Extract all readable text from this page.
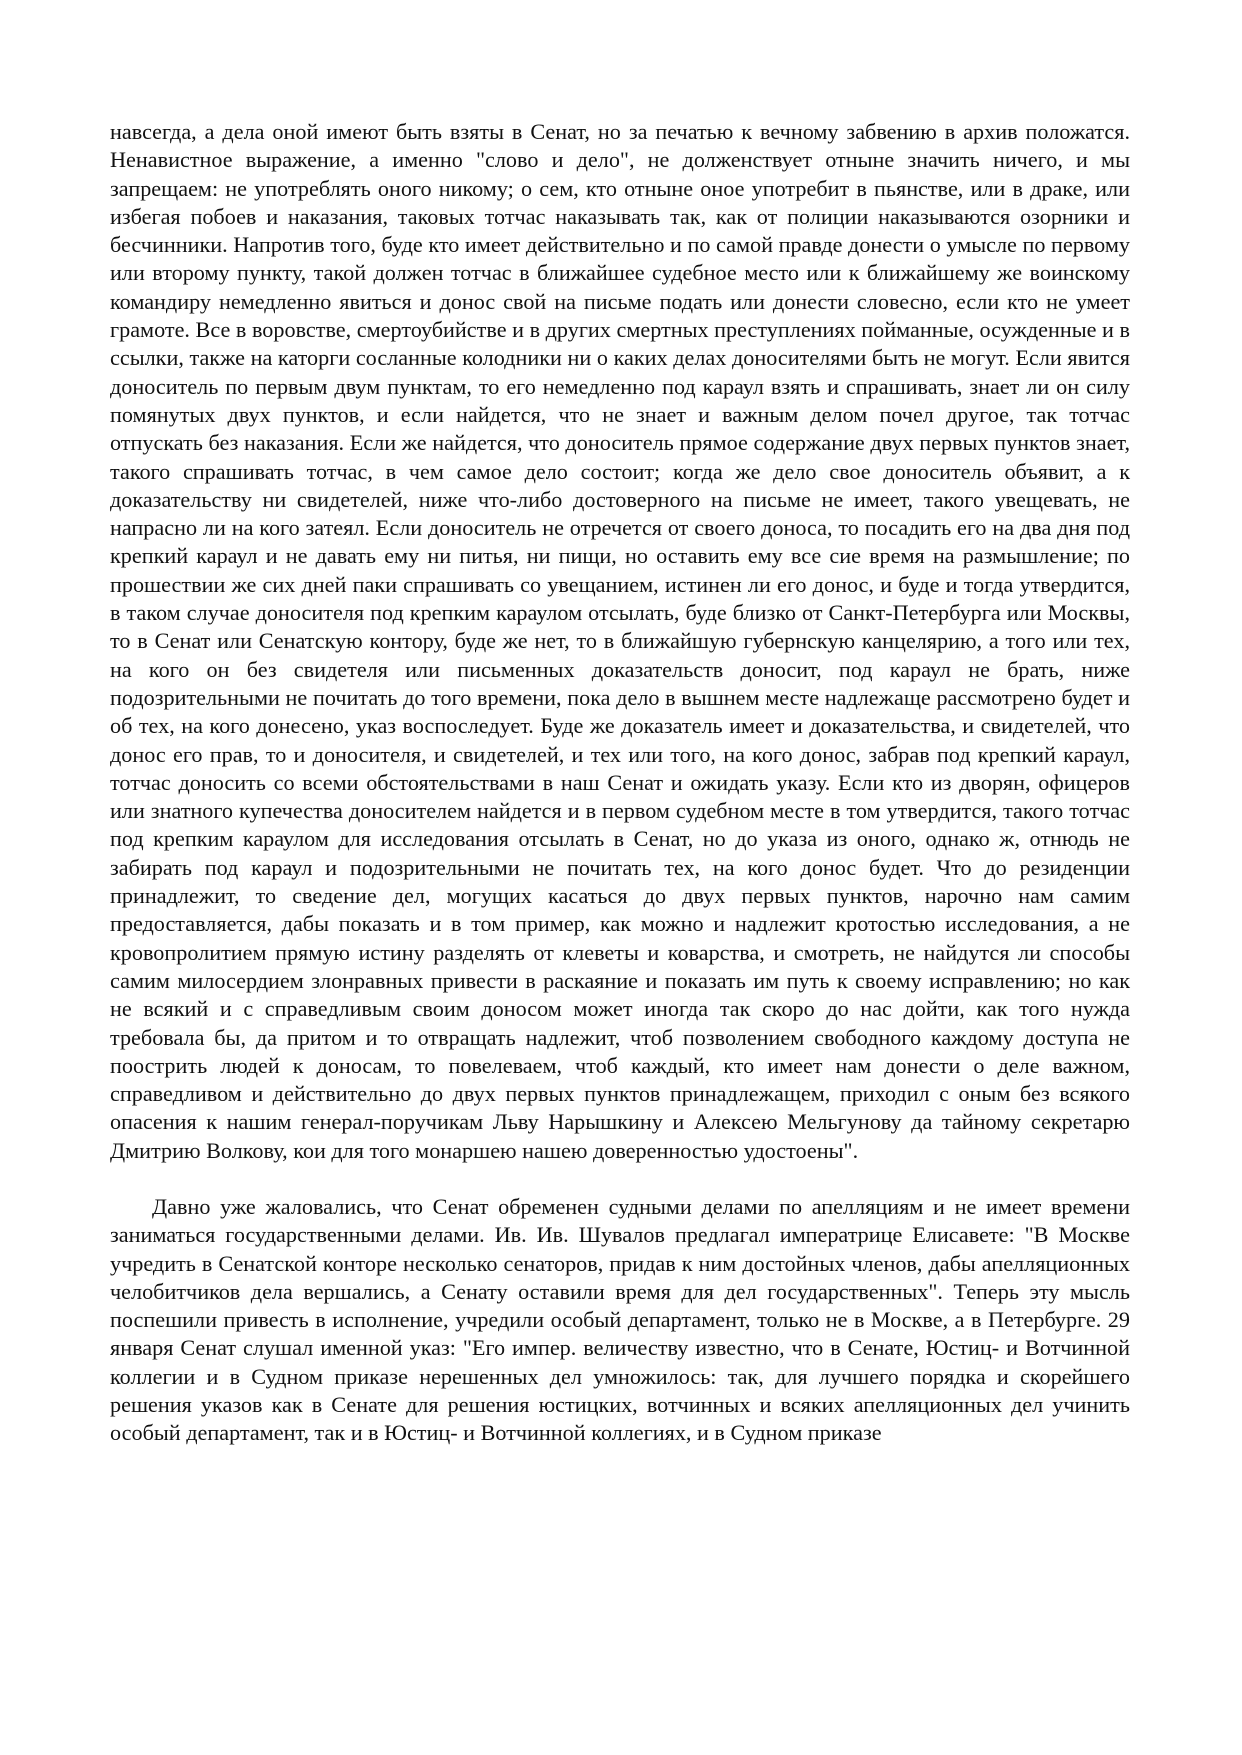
навсегда, а дела оной имеют быть взяты в Сенат, но за печатью к вечному забвению в архив положатся. Ненавистное выражение, а именно "слово и дело", не долженствует отныне значить ничего, и мы запрещаем: не употреблять оного никому; о сем, кто отныне оное употребит в пьянстве, или в драке, или избегая побоев и наказания, таковых тотчас наказывать так, как от полиции наказываются озорники и бесчинники. Напротив того, буде кто имеет действительно и по самой правде донести о умысле по первому или второму пункту, такой должен тотчас в ближайшее судебное место или к ближайшему же воинскому командиру немедленно явиться и донос свой на письме подать или донести словесно, если кто не умеет грамоте. Все в воровстве, смертоубийстве и в других смертных преступлениях пойманные, осужденные и в ссылки, также на каторги сосланные колодники ни о каких делах доносителями быть не могут. Если явится доноситель по первым двум пунктам, то его немедленно под караул взять и спрашивать, знает ли он силу помянутых двух пунктов, и если найдется, что не знает и важным делом почел другое, так тотчас отпускать без наказания. Если же найдется, что доноситель прямое содержание двух первых пунктов знает, такого спрашивать тотчас, в чем самое дело состоит; когда же дело свое доноситель объявит, а к доказательству ни свидетелей, ниже что-либо достоверного на письме не имеет, такого увещевать, не напрасно ли на кого затеял. Если доноситель не отречется от своего доноса, то посадить его на два дня под крепкий караул и не давать ему ни питья, ни пищи, но оставить ему все сие время на размышление; по прошествии же сих дней паки спрашивать со увещанием, истинен ли его донос, и буде и тогда утвердится, в таком случае доносителя под крепким караулом отсылать, буде близко от Санкт-Петербурга или Москвы, то в Сенат или Сенатскую контору, буде же нет, то в ближайшую губернскую канцелярию, а того или тех, на кого он без свидетеля или письменных доказательств доносит, под караул не брать, ниже подозрительными не почитать до того времени, пока дело в вышнем месте надлежаще рассмотрено будет и об тех, на кого донесено, указ воспоследует. Буде же доказатель имеет и доказательства, и свидетелей, что донос его прав, то и доносителя, и свидетелей, и тех или того, на кого донос, забрав под крепкий караул, тотчас доносить со всеми обстоятельствами в наш Сенат и ожидать указу. Если кто из дворян, офицеров или знатного купечества доносителем найдется и в первом судебном месте в том утвердится, такого тотчас под крепким караулом для исследования отсылать в Сенат, но до указа из оного, однако ж, отнюдь не забирать под караул и подозрительными не почитать тех, на кого донос будет. Что до резиденции принадлежит, то сведение дел, могущих касаться до двух первых пунктов, нарочно нам самим предоставляется, дабы показать и в том пример, как можно и надлежит кротостью исследования, а не кровопролитием прямую истину разделять от клеветы и коварства, и смотреть, не найдутся ли способы самим милосердием злонравных привести в раскаяние и показать им путь к своему исправлению; но как не всякий и с справедливым своим доносом может иногда так скоро до нас дойти, как того нужда требовала бы, да притом и то отвращать надлежит, чтоб позволением свободного каждому доступа не поострить людей к доносам, то повелеваем, чтоб каждый, кто имеет нам донести о деле важном, справедливом и действительно до двух первых пунктов принадлежащем, приходил с оным без всякого опасения к нашим генерал-поручикам Льву Нарышкину и Алексею Мельгунову да тайному секретарю Дмитрию Волкову, кои для того монаршею нашею доверенностью удостоены".

Давно уже жаловались, что Сенат обременен судными делами по апелляциям и не имеет времени заниматься государственными делами. Ив. Ив. Шувалов предлагал императрице Елисавете: "В Москве учредить в Сенатской конторе несколько сенаторов, придав к ним достойных членов, дабы апелляционных челобитчиков дела вершались, а Сенату оставили время для дел государственных". Теперь эту мысль поспешили привесть в исполнение, учредили особый департамент, только не в Москве, а в Петербурге. 29 января Сенат слушал именной указ: "Его импер. величеству известно, что в Сенате, Юстиц- и Вотчинной коллегии и в Судном приказе нерешенных дел умножилось: так, для лучшего порядка и скорейшего решения указов как в Сенате для решения юстицких, вотчинных и всяких апелляционных дел учинить особый департамент, так и в Юстиц- и Вотчинной коллегиях, и в Судном приказе
